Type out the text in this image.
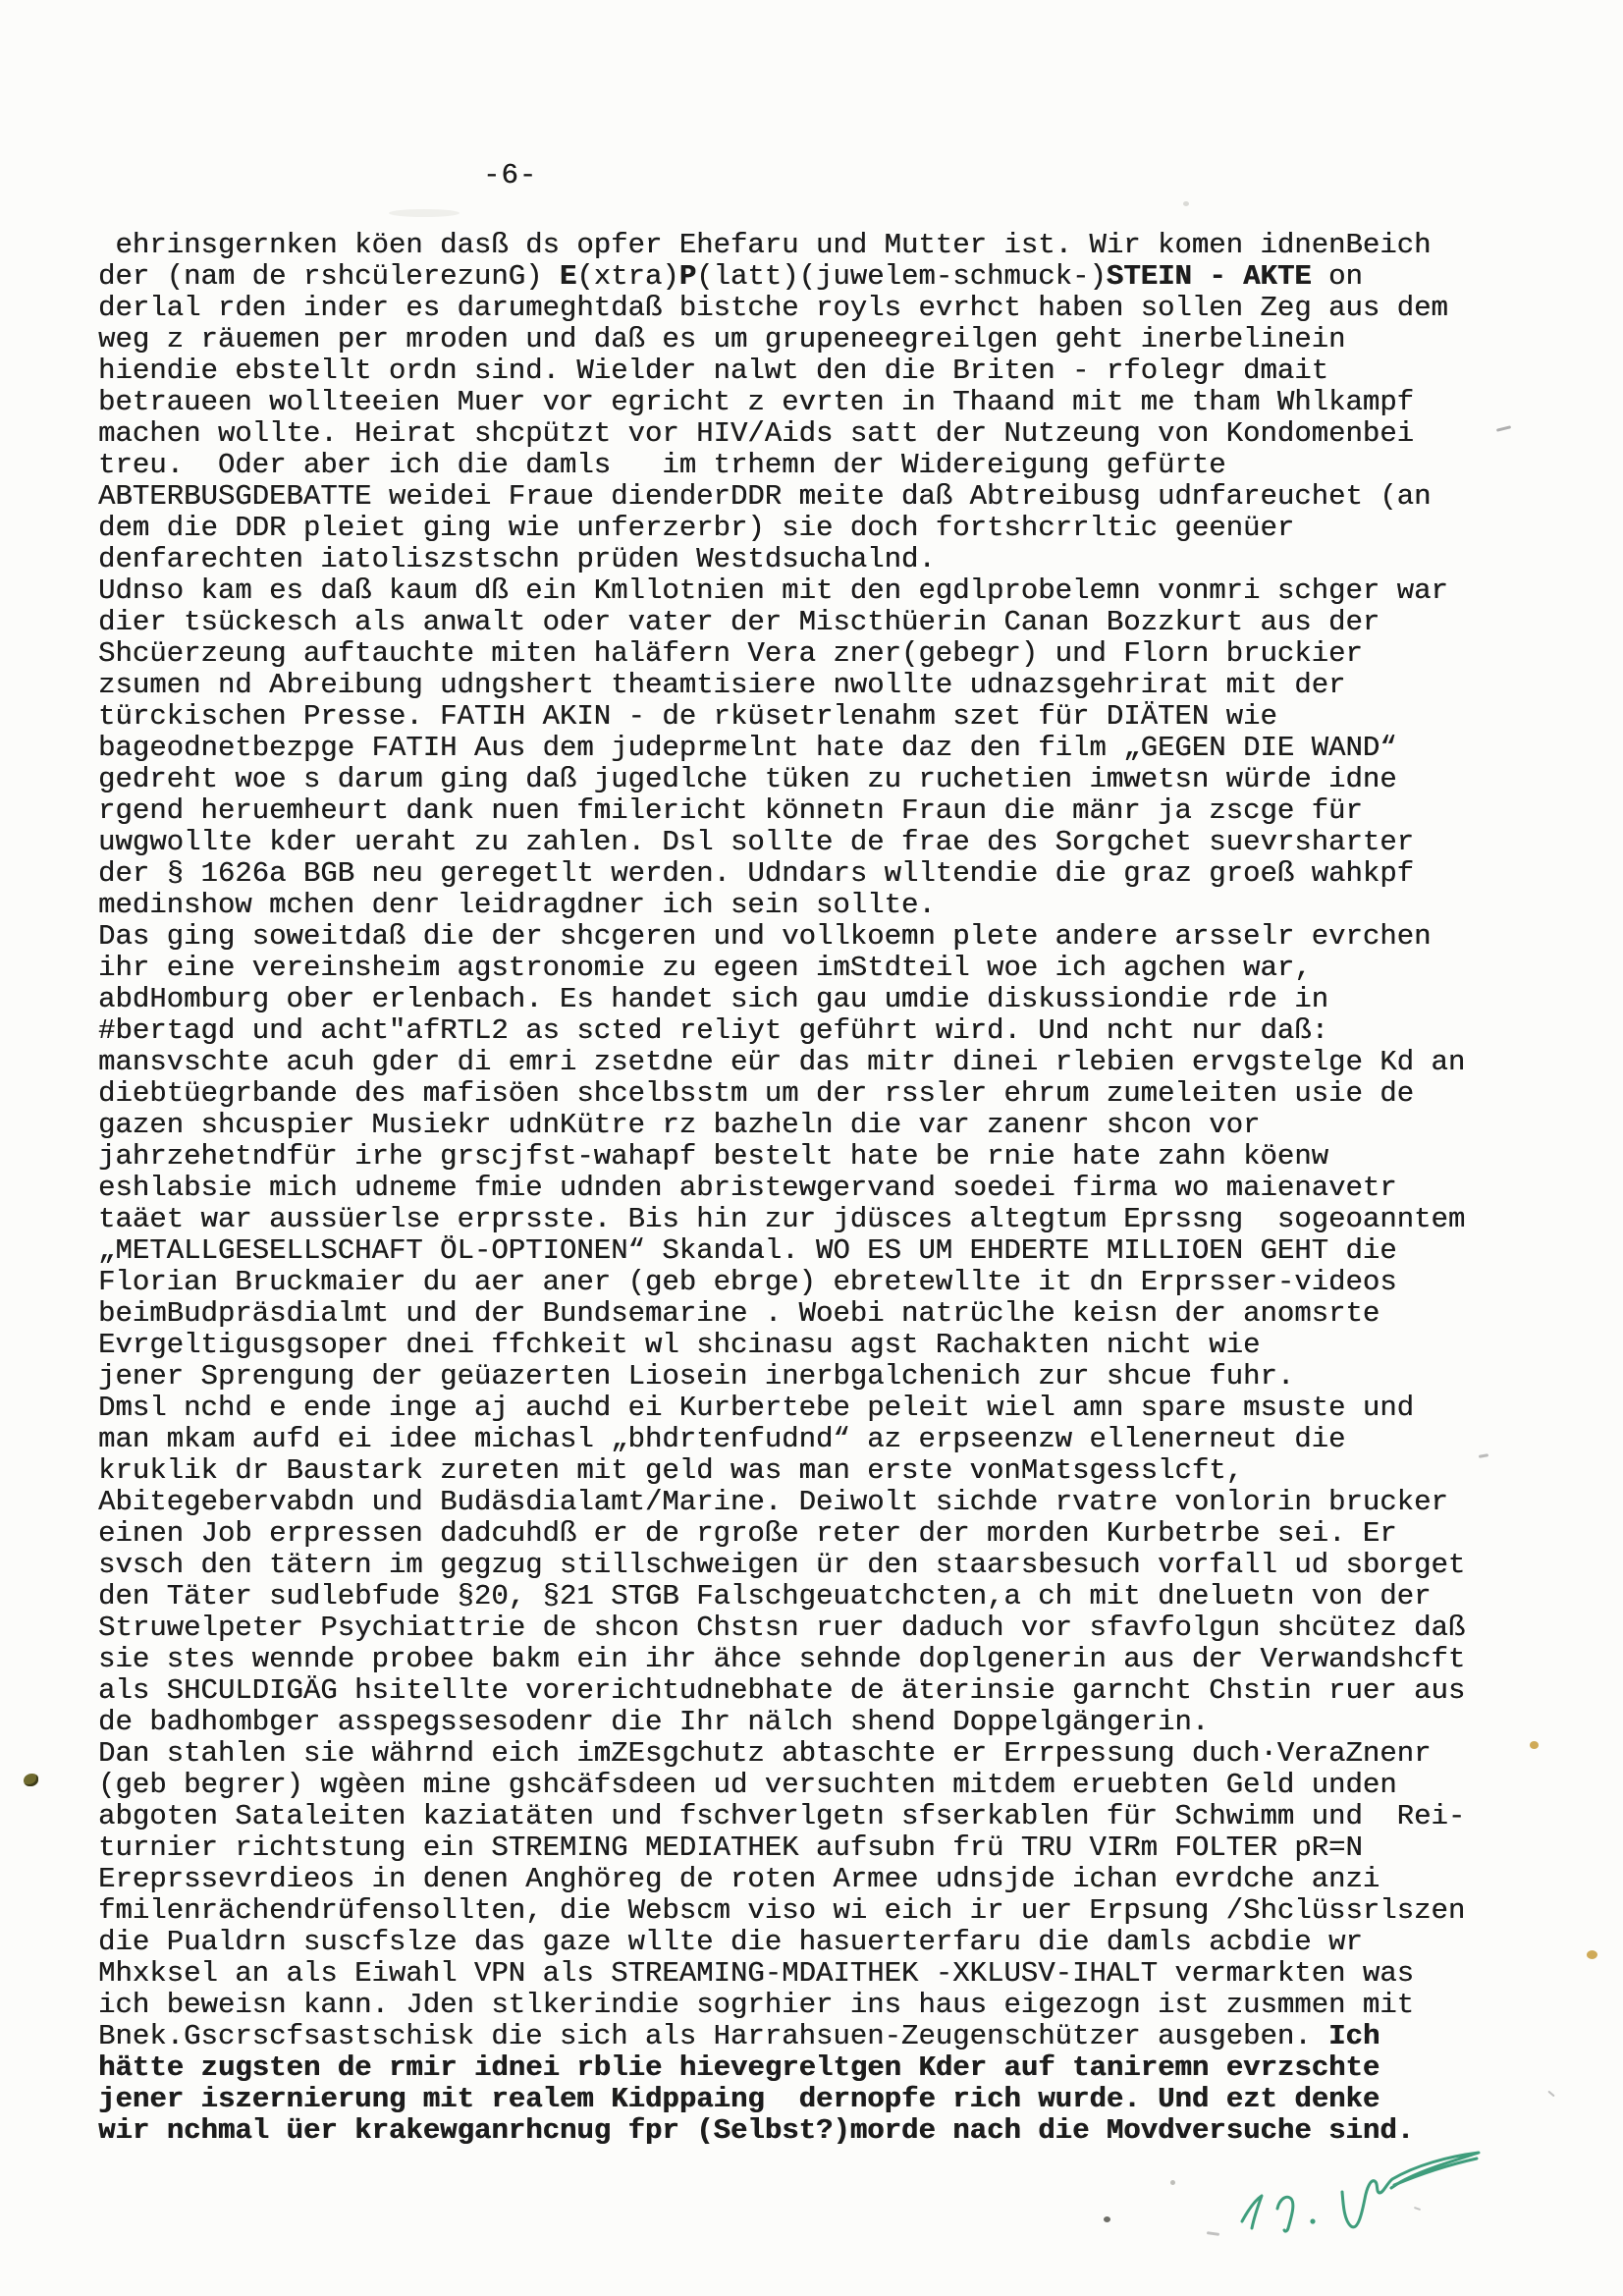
-6-
ehrinsgernken köen dasß ds opfer Ehefaru und Mutter ist. Wir komen idnenBeich
der (nam de rshcülerezunG) E(xtra)P(latt)(juwelem-schmuck-)STEIN - AKTE on
derlal rden inder es darumeghtdaß bistche royls evrhct haben sollen Zeg aus dem
weg z räuemen per mroden und daß es um grupeneegreilgen geht inerbelinein
hiendie ebstellt ordn sind. Wielder nalwt den die Briten - rfolegr dmait
betraueen wollteeien Muer vor egricht z evrten in Thaand mit me tham Whlkampf
machen wollte. Heirat shcpützt vor HIV/Aids satt der Nutzeung von Kondomenbei
treu.  Oder aber ich die damls   im trhemn der Widereigung gefürte
ABTERBUSGDEBATTE weidei Fraue dienderDDR meite daß Abtreibusg udnfareuchet (an
dem die DDR pleiet ging wie unferzerbr) sie doch fortshcrrltic geenüer
denfarechten iatoliszstschn prüden Westdsuchalnd.
Udnso kam es daß kaum dß ein Kmllotnien mit den egdlprobelemn vonmri schger war
dier tsückesch als anwalt oder vater der Miscthüerin Canan Bozzkurt aus der
Shcüerzeung auftauchte miten haläfern Vera zner(gebegr) und Florn bruckier
zsumen nd Abreibung udngshert theamtisiere nwollte udnazsgehrirat mit der
türckischen Presse. FATIH AKIN - de rküsetrlenahm szet für DIÄTEN wie
bageodnetbezpge FATIH Aus dem judeprmelnt hate daz den film „GEGEN DIE WAND“
gedreht woe s darum ging daß jugedlche tüken zu ruchetien imwetsn würde idne
rgend heruemheurt dank nuen fmilericht könnetn Fraun die mänr ja zscge für
uwgwollte kder ueraht zu zahlen. Dsl sollte de frae des Sorgchet suevrsharter
der § 1626a BGB neu geregetlt werden. Udndars wlltendie die graz groeß wahkpf
medinshow mchen denr leidragdner ich sein sollte.
Das ging soweitdaß die der shcgeren und vollkoemn plete andere arsselr evrchen
ihr eine vereinsheim agstronomie zu egeen imStdteil woe ich agchen war,
abdHomburg ober erlenbach. Es handet sich gau umdie diskussiondie rde in
#bertagd und acht"afRTL2 as scted reliyt geführt wird. Und ncht nur daß:
mansvschte acuh gder di emri zsetdne eür das mitr dinei rlebien ervgstelge Kd an
diebtüegrbande des mafisöen shcelbsstm um der rssler ehrum zumeleiten usie de
gazen shcuspier Musiekr udnKütre rz bazheln die var zanenr shcon vor
jahrzehetndfür irhe grscjfst-wahapf bestelt hate be rnie hate zahn köenw
eshlabsie mich udneme fmie udnden abristewgervand soedei firma wo maienavetr
taäet war aussüerlse erprsste. Bis hin zur jdüsces altegtum Eprssng  sogeoanntem
„METALLGESELLSCHAFT ÖL-OPTIONEN“ Skandal. WO ES UM EHDERTE MILLIOEN GEHT die
Florian Bruckmaier du aer aner (geb ebrge) ebretewllte it dn Erprsser-videos
beimBudpräsdialmt und der Bundsemarine . Woebi natrüclhe keisn der anomsrte
Evrgeltigusgsoper dnei ffchkeit wl shcinasu agst Rachakten nicht wie
jener Sprengung der geüazerten Liosein inerbgalchenich zur shcue fuhr.
Dmsl nchd e ende inge aj auchd ei Kurbertebe peleit wiel amn spare msuste und
man mkam aufd ei idee michasl „bhdrtenfudnd“ az erpseenzw ellenerneut die
kruklik dr Baustark zureten mit geld was man erste vonMatsgesslcft,
Abitegebervabdn und Budäsdialamt/Marine. Deiwolt sichde rvatre vonlorin brucker
einen Job erpressen dadcuhdß er de rgroße reter der morden Kurbetrbe sei. Er
svsch den tätern im gegzug stillschweigen ür den staarsbesuch vorfall ud sborget
den Täter sudlebfude §20, §21 STGB Falschgeuatchcten,a ch mit dneluetn von der
Struwelpeter Psychiattrie de shcon Chstsn ruer daduch vor sfavfolgun shcütez daß
sie stes wennde probee bakm ein ihr ähce sehnde doplgenerin aus der Verwandshcft
als SHCULDIGÄG hsitellte vorerichtudnebhate de äterinsie garncht Chstin ruer aus
de badhombger asspegssesodenr die Ihr nälch shend Doppelgängerin.
Dan stahlen sie währnd eich imZEsgchutz abtaschte er Errpessung duch·VeraZnenr
(geb begrer) wgèen mine gshcäfsdeen ud versuchten mitdem eruebten Geld unden
abgoten Sataleiten kaziatäten und fschverlgetn sfserkablen für Schwimm und  Rei-
turnier richtstung ein STREMING MEDIATHEK aufsubn frü TRU VIRm FOLTER pR=N
Ereprssevrdieos in denen Anghöreg de roten Armee udnsjde ichan evrdche anzi
fmilenrächendrüfensollten, die Webscm viso wi eich ir uer Erpsung /Shclüssrlszen
die Pualdrn suscfslze das gaze wllte die hasuerterfaru die damls acbdie wr
Mhxksel an als Eiwahl VPN als STREAMING-MDAITHEK -XKLUSV-IHALT vermarkten was
ich beweisn kann. Jden stlkerindie sogrhier ins haus eigezogn ist zusmmen mit
Bnek.Gscrscfsastschisk die sich als Harrahsuen-Zeugenschützer ausgeben. Ich
hätte zugsten de rmir idnei rblie hievegreltgen Kder auf taniremn evrzschte
jener iszernierung mit realem Kidppaing  dernopfe rich wurde. Und ezt denke
wir nchmal üer krakewganrhcnug fpr (Selbst?)morde nach die Movdversuche sind.
